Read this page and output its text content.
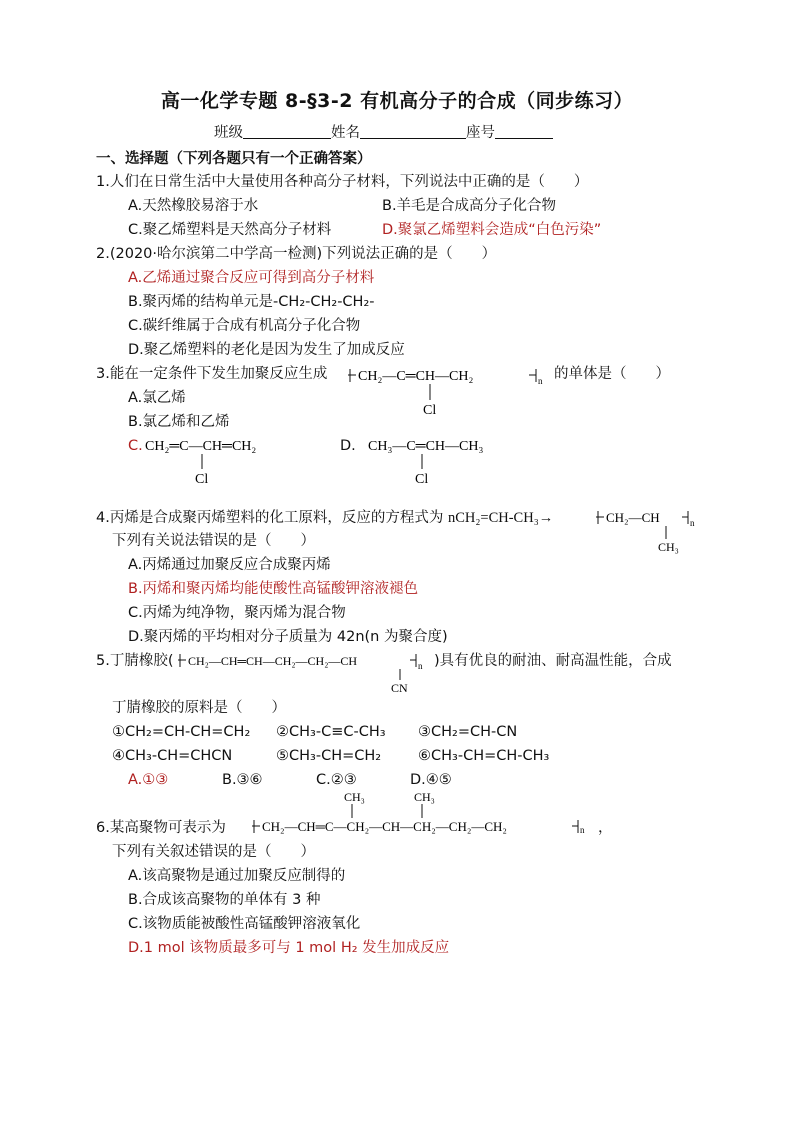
高一化学专题 8-§3-2 有机高分子的合成（同步练习）
班级	姓名	座号
一、选择题（下列各题只有一个正确答案）
1.人们在日常生活中大量使用各种高分子材料，下列说法中正确的是（　　）
A.天然橡胶易溶于水	B.羊毛是合成高分子化合物
C.聚乙烯塑料是天然高分子材料	D.聚氯乙烯塑料会造成“白色污染”
2.(2020·哈尔滨第二中学高一检测)下列说法正确的是（　　）
A.乙烯通过聚合反应可得到高分子材料
B.聚丙烯的结构单元是-CH₂-CH₂-CH₂-
C.碳纤维属于合成有机高分子化合物
D.聚乙烯塑料的老化是因为发生了加成反应
3.能在一定条件下发生加聚反应生成 CH₂—C═CH—CH₂	n
Cl
的单体是（　　）
A.氯乙烯
B.氯乙烯和乙烯
C. CH₂═C—CH═CH₂
Cl
D. CH₃—C═CH—CH₃
Cl
4.丙烯是合成聚丙烯塑料的化工原料，反应的方程式为 nCH₂=CH-CH₃→	CH₂—CH	n
CH₃
下列有关说法错误的是（　　）
A.丙烯通过加聚反应合成聚丙烯
B.丙烯和聚丙烯均能使酸性高锰酸钾溶液褪色
C.丙烯为纯净物，聚丙烯为混合物
D.聚丙烯的平均相对分子质量为 42n(n 为聚合度)
5.丁腈橡胶( CH₂—CH═CH—CH₂—CH₂—CH	n
CN
)具有优良的耐油、耐高温性能，合成
丁腈橡胶的原料是（　　）
①CH₂=CH-CH=CH₂ ②CH₃-C≡C-CH₃ ③CH₂=CH-CN
④CH₃-CH=CHCN	⑤CH₃-CH=CH₂	⑥CH₃-CH=CH-CH₃
A.①③	B.③⑥	C.②③	D.④⑤
6.某高聚物可表示为
CH₃	CH₃
CH₂—CH═C—CH₂—CH—CH₂—CH₂—CH₂	n ，
下列有关叙述错误的是（　　）
A.该高聚物是通过加聚反应制得的
B.合成该高聚物的单体有 3 种
C.该物质能被酸性高锰酸钾溶液氧化
D.1 mol 该物质最多可与 1 mol H₂ 发生加成反应
